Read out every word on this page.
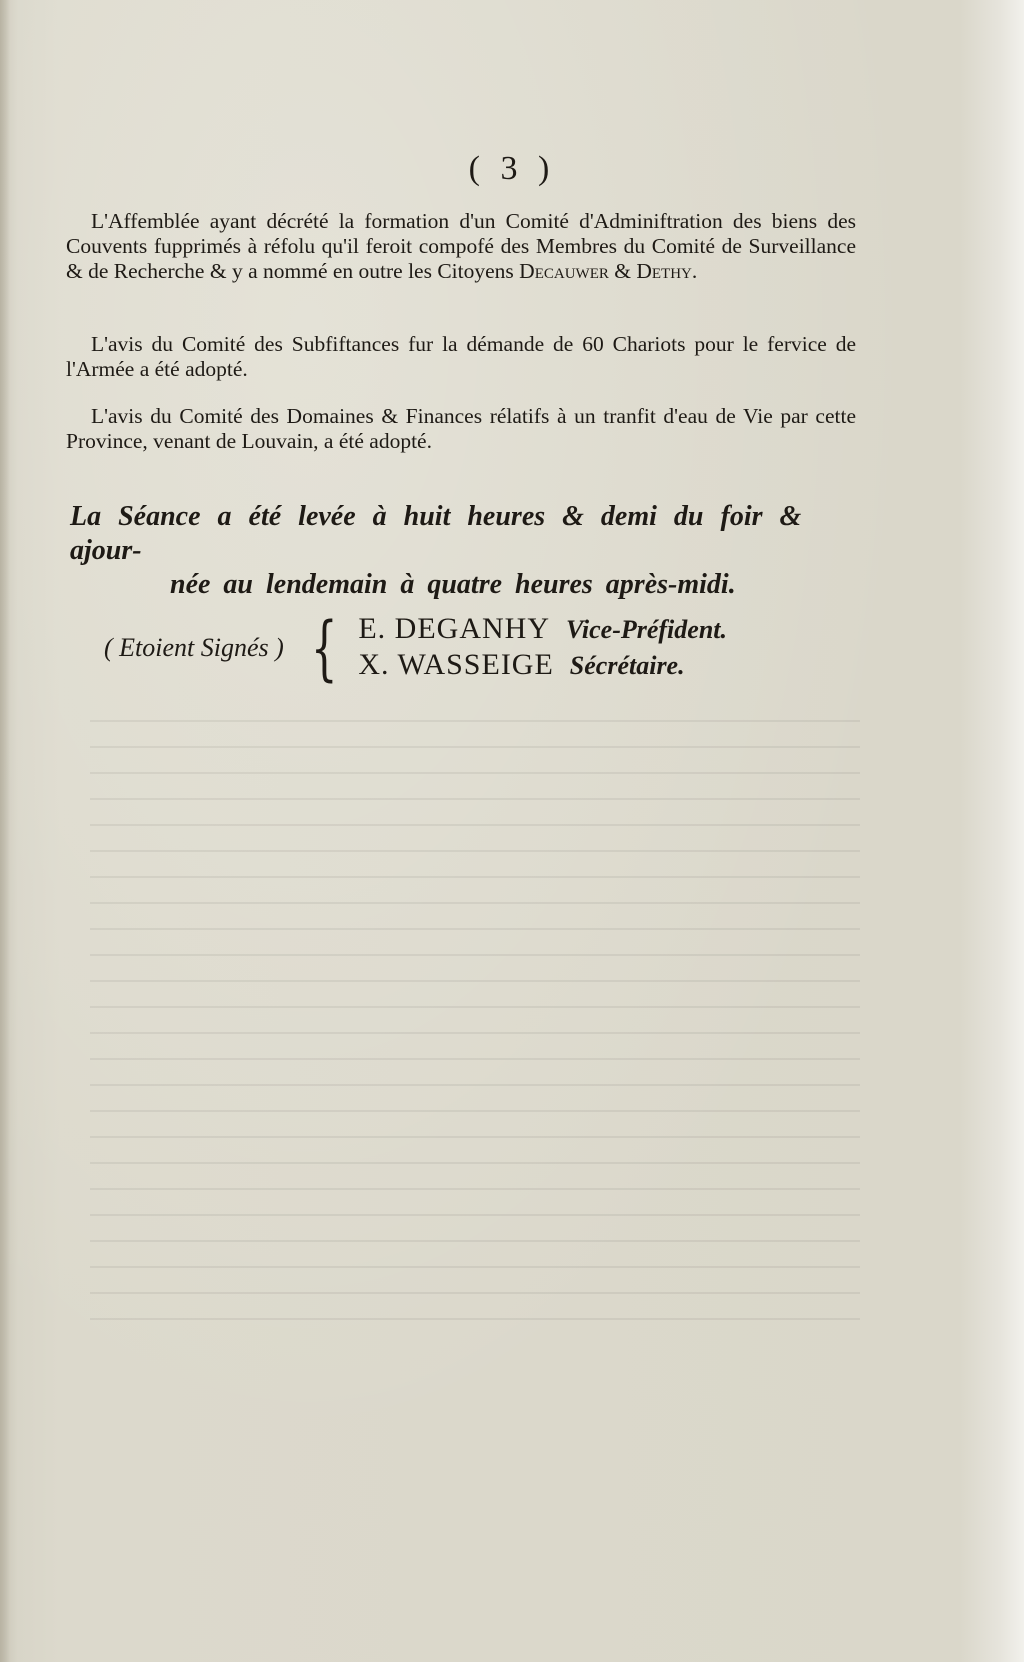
( 3 )

L'Affemblée ayant décrété la formation d'un Comité d'Adminiftration des biens des Couvents fupprimés à réfolu qu'il feroit compofé des Membres du Comité de Surveillance & de Recherche & y a nommé en outre les Citoyens Decauwer & Dethy.

L'avis du Comité des Subfiftances fur la démande de 60 Chariots pour le fervice de l'Armée a été adopté.

L'avis du Comité des Domaines & Finances rélatifs à un tranfit d'eau de Vie par cette Province, venant de Louvain, a été adopté.

La Séance a été levée à huit heures & demi du foir & ajour-
née au lendemain à quatre heures après-midi.
( Etoient Signés ) { E. DEGANHY Vice-Préfident.
X. WASSEIGE Sécrétaire.
